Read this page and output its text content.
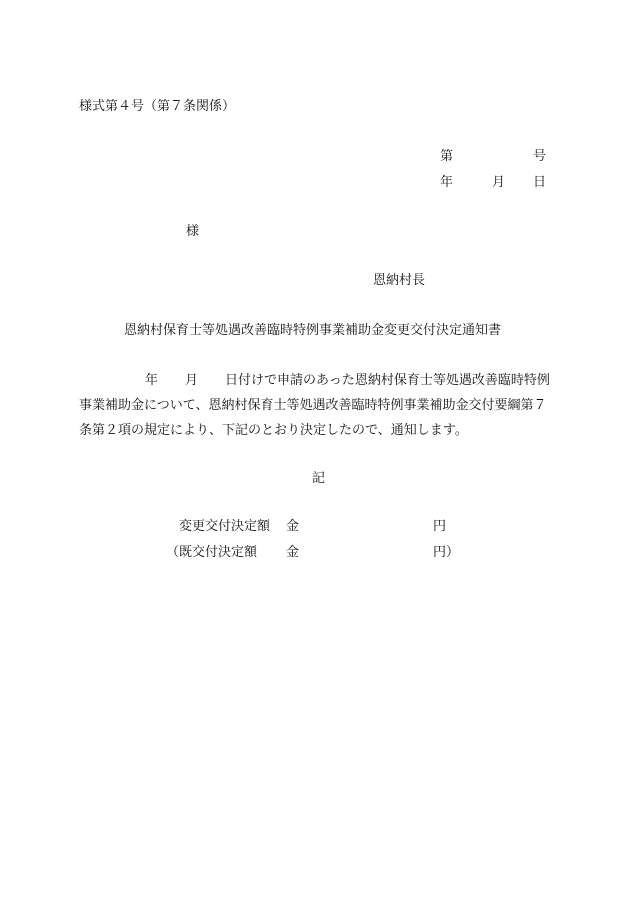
様式第４号（第７条関係）
第	号
年	月 日
様
恩納村長
恩納村保育士等処遇改善臨時特例事業補助金変更交付決定通知書
年 月 日付けで申請のあった恩納村保育士等処遇改善臨時特例事業補助金について、恩納村保育士等処遇改善臨時特例事業補助金交付要綱第７条第２項の規定により、下記のとおり決定したので、通知します。
記
変更交付決定額 金	円
（既交付決定額 金	円）
